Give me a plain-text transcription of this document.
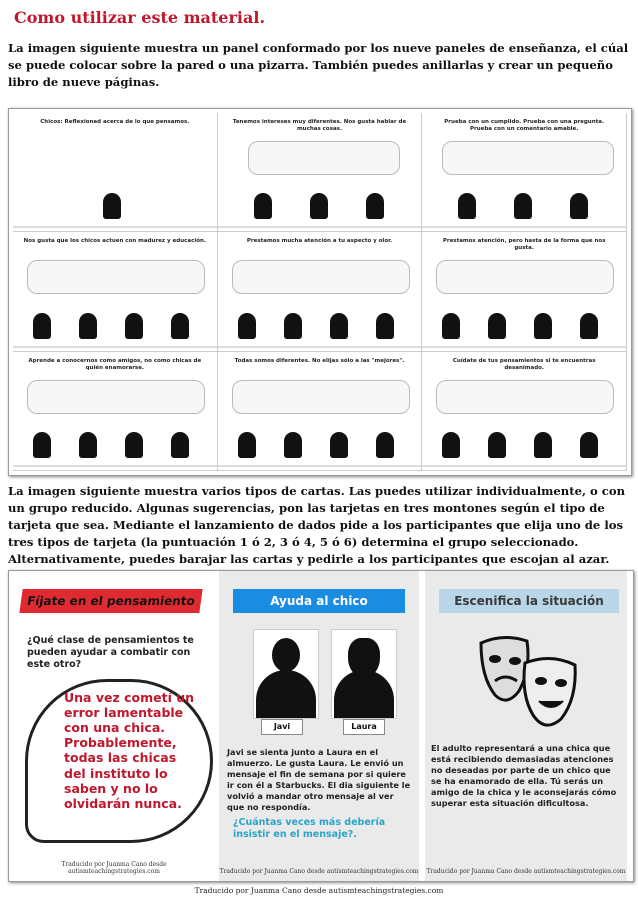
Como utilizar este material.
La imagen siguiente muestra un panel conformado por los nueve paneles de enseñanza, el cúal se puede colocar sobre la pared o una pizarra. También puedes anillarlas y crear un pequeño libro de nueve páginas.
Chicos: Reflexionad acerca de lo que pensamos.	Tenemos intereses muy diferentes. Nos gusta hablar de muchas cosas.
Prueba con un cumplido. Prueba con una pregunta. Prueba con un comentario amable.
Nos gusta que los chicos actuen con madurez y educación.	Prestamos mucha atención a tu aspecto y olor.	Prestamos atención, pero hasta de la forma que nos gusta.
Aprende a conocernos como amigos, no como chicas de quién enamorarse.
Todas somos diferentes. No elijas sólo a las "mejores".	Cuídate de tus pensamientos si te encuentras desanimado.
La imagen siguiente muestra varios tipos de cartas. Las puedes utilizar individualmente, o con un grupo reducido. Algunas sugerencias, pon las tarjetas en tres montones según el tipo de tarjeta que sea. Mediante el lanzamiento de dados pide a los participantes que elija uno de los tres tipos de tarjeta (la puntuación 1 ó 2, 3 ó 4, 5 ó 6) determina el grupo seleccionado. Alternativamente, puedes barajar las cartas y pedirle a los participantes que escojan al azar.
Fíjate en el pensamiento
¿Qué clase de pensamientos te pueden ayudar a combatir con este otro?
Una vez cometí un error lamentable con una chica. Probablemente, todas las chicas
del instituto lo saben y no lo olvidarán nunca.
Traducido por Juanma Cano desde autismteachingstrategies.com
Ayuda al chico
Javi	Laura
Javi se sienta junto a Laura en el almuerzo. Le gusta Laura. Le envió un mensaje el fin de semana por si quiere ir con él a Starbucks. El dia siguiente le volvió a mandar otro mensaje al ver que no respondía.
¿Cuántas veces más debería insistir en el mensaje?.
Traducido por Juanma Cano desde autismteachingstrategies.com
Escenifica la situación
El adulto representará a una chica que está recibiendo demasiadas atenciones no deseadas por parte de un chico que se ha enamorado de ella. Tú serás un amigo de la chica y le aconsejarás cómo superar esta situación dificultosa.
Traducido por Juanma Cano desde autismteachingstrategies.com
Traducido por Juanma Cano desde autismteachingstrategies.com
